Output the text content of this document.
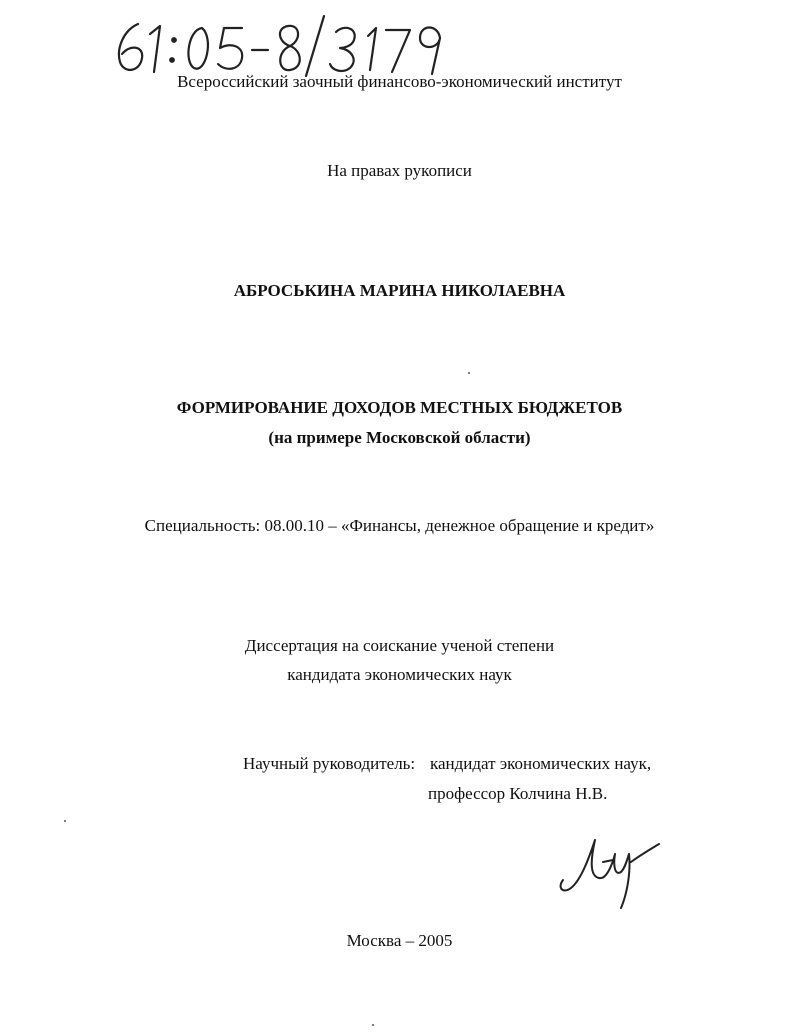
Всероссийский заочный финансово-экономический институт
На правах рукописи
АБРОСЬКИНА МАРИНА НИКОЛАЕВНА
ФОРМИРОВАНИЕ ДОХОДОВ МЕСТНЫХ БЮДЖЕТОВ
(на примере Московской области)
Специальность: 08.00.10 – «Финансы, денежное обращение и кредит»
Диссертация на соискание ученой степени
кандидата экономических наук
Научный руководитель: кандидат экономических наук,
профессор Колчина Н.В.
Москва – 2005
